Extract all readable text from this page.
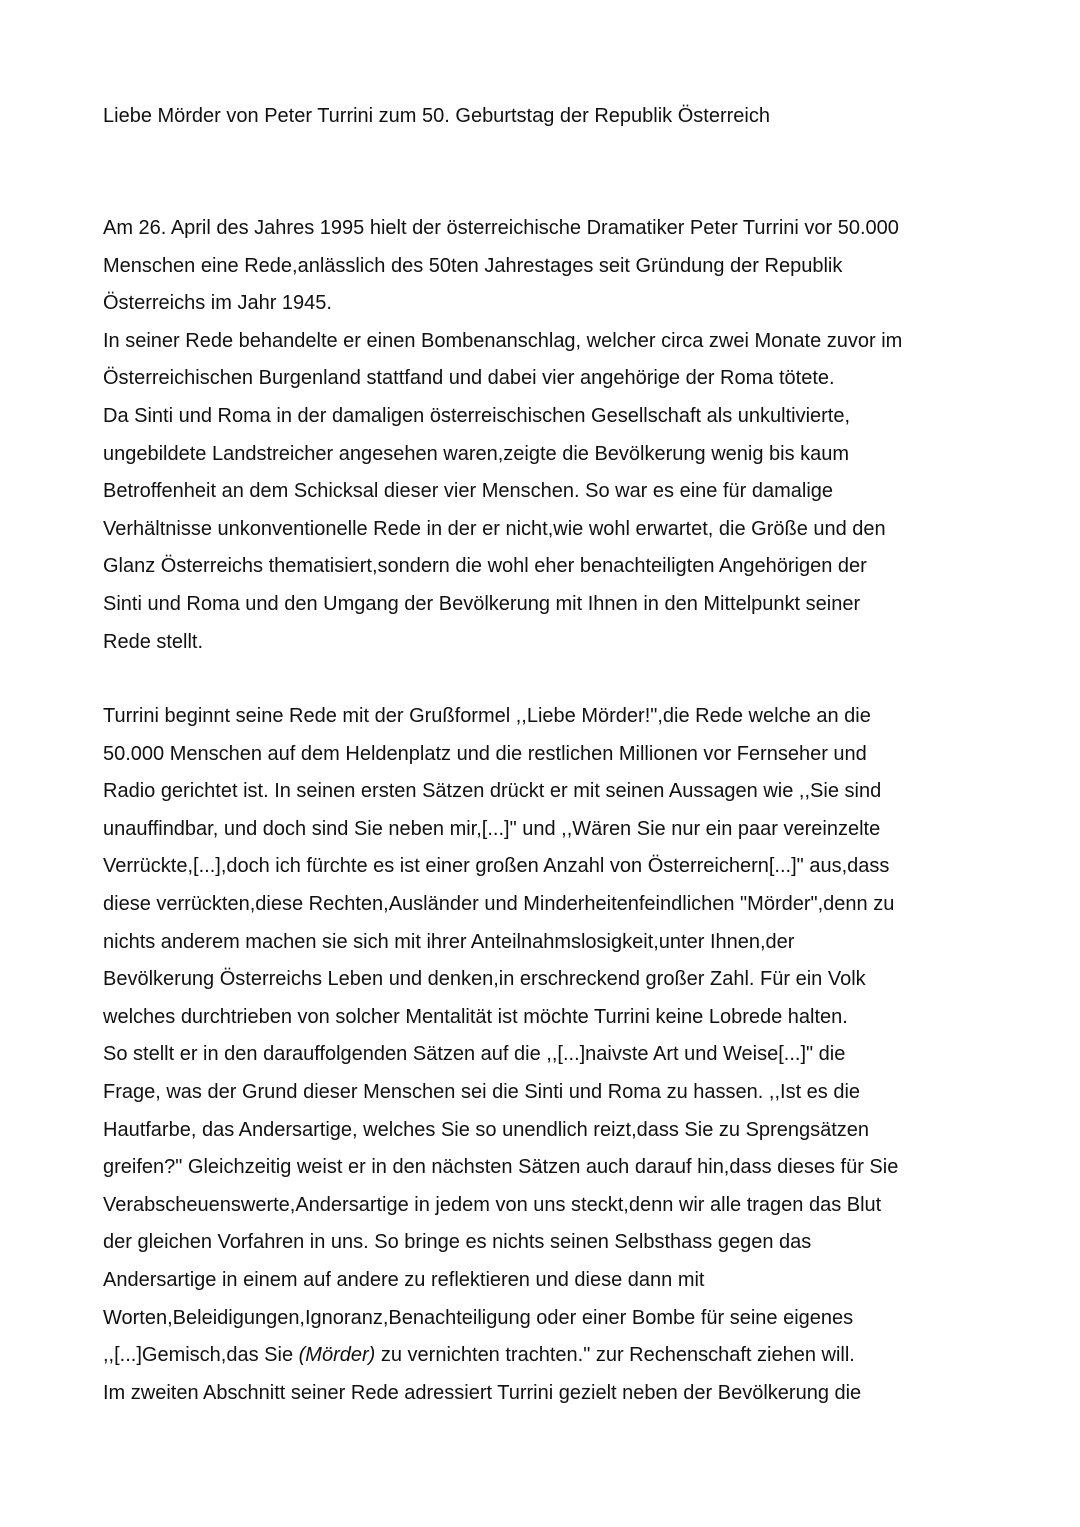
Liebe Mörder von Peter Turrini zum 50. Geburtstag der Republik Österreich
Am 26. April des Jahres 1995 hielt der österreichische Dramatiker Peter Turrini vor 50.000
Menschen eine Rede,anlässlich des 50ten Jahrestages seit Gründung der Republik
Österreichs im Jahr 1945.
In seiner Rede behandelte er einen Bombenanschlag, welcher circa zwei Monate zuvor im
Österreichischen Burgenland stattfand und dabei vier angehörige der Roma tötete.
Da Sinti und Roma in der damaligen österreischischen Gesellschaft als unkultivierte,
ungebildete Landstreicher angesehen waren,zeigte die Bevölkerung wenig bis kaum
Betroffenheit an dem Schicksal dieser vier Menschen. So war es eine für damalige
Verhältnisse unkonventionelle Rede in der er nicht,wie wohl erwartet, die Größe und den
Glanz Österreichs thematisiert,sondern die wohl eher benachteiligten Angehörigen der
Sinti und Roma und den Umgang der Bevölkerung mit Ihnen in den Mittelpunkt seiner
Rede stellt.
Turrini beginnt seine Rede mit der Grußformel ,,Liebe Mörder!",die Rede welche an die
50.000 Menschen auf dem Heldenplatz und die restlichen Millionen vor Fernseher und
Radio gerichtet ist. In seinen ersten Sätzen drückt er mit seinen Aussagen wie ,,Sie sind
unauffindbar, und doch sind Sie neben mir,[...]" und ,,Wären Sie nur ein paar vereinzelte
Verrückte,[...],doch ich fürchte es ist einer großen Anzahl von Österreichern[...]" aus,dass
diese verrückten,diese Rechten,Ausländer und Minderheitenfeindlichen "Mörder",denn zu
nichts anderem machen sie sich mit ihrer Anteilnahmslosigkeit,unter Ihnen,der
Bevölkerung Österreichs Leben und denken,in erschreckend großer Zahl. Für ein Volk
welches durchtrieben von solcher Mentalität ist möchte Turrini keine Lobrede halten.
So stellt er in den darauffolgenden Sätzen auf die ,,[...]naivste Art und Weise[...]" die
Frage, was der Grund dieser Menschen sei die Sinti und Roma zu hassen. ,,Ist es die
Hautfarbe, das Andersartige, welches Sie so unendlich reizt,dass Sie zu Sprengsätzen
greifen?" Gleichzeitig weist er in den nächsten Sätzen auch darauf hin,dass dieses für Sie
Verabscheuenswerte,Andersartige in jedem von uns steckt,denn wir alle tragen das Blut
der gleichen Vorfahren in uns. So bringe es nichts seinen Selbsthass gegen das
Andersartige in einem auf andere zu reflektieren und diese dann mit
Worten,Beleidigungen,Ignoranz,Benachteiligung oder einer Bombe für seine eigenes
,,[...]Gemisch,das Sie (Mörder) zu vernichten trachten." zur Rechenschaft ziehen will.
Im zweiten Abschnitt seiner Rede adressiert Turrini gezielt neben der Bevölkerung die
